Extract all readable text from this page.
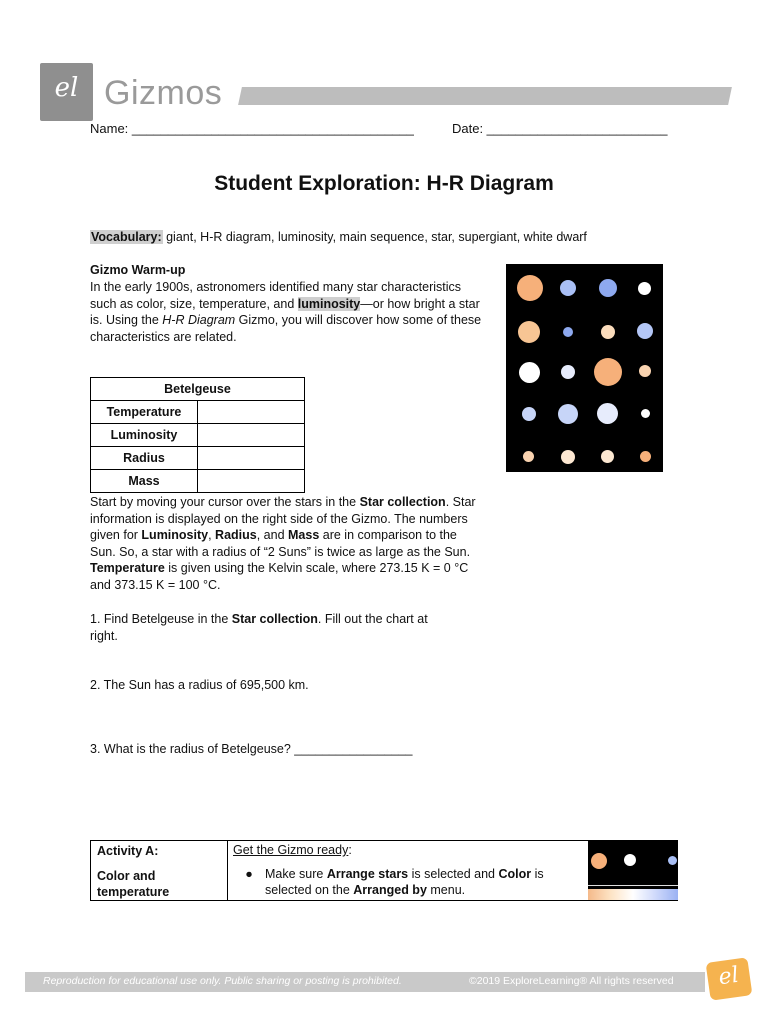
el Gizmos
Name: _______________________________________	Date: _________________________
Student Exploration: H-R Diagram
Vocabulary: giant, H-R diagram, luminosity, main sequence, star, supergiant, white dwarf
Gizmo Warm-up
In the early 1900s, astronomers identified many star characteristics such as color, size, temperature, and luminosity—or how bright a star is. Using the H-R Diagram Gizmo, you will discover how some of these characteristics are related.
Betelgeuse	
Temperature	
Luminosity	
Radius	
Mass	
Start by moving your cursor over the stars in the Star collection. Star information is displayed on the right side of the Gizmo. The numbers given for Luminosity, Radius, and Mass are in comparison to the Sun. So, a star with a radius of “2 Suns” is twice as large as the Sun. Temperature is given using the Kelvin scale, where 273.15 K = 0 °C and 373.15 K = 100 °C.
1. Find Betelgeuse in the Star collection. Fill out the chart at right.
2. The Sun has a radius of 695,500 km.
3. What is the radius of Betelgeuse? _________________
Activity A:
Color and temperature
Get the Gizmo ready:
● Make sure Arrange stars is selected and Color is selected on the Arranged by menu.
Reproduction for educational use only. Public sharing or posting is prohibited.	©2019 ExploreLearning® All rights reserved	el
